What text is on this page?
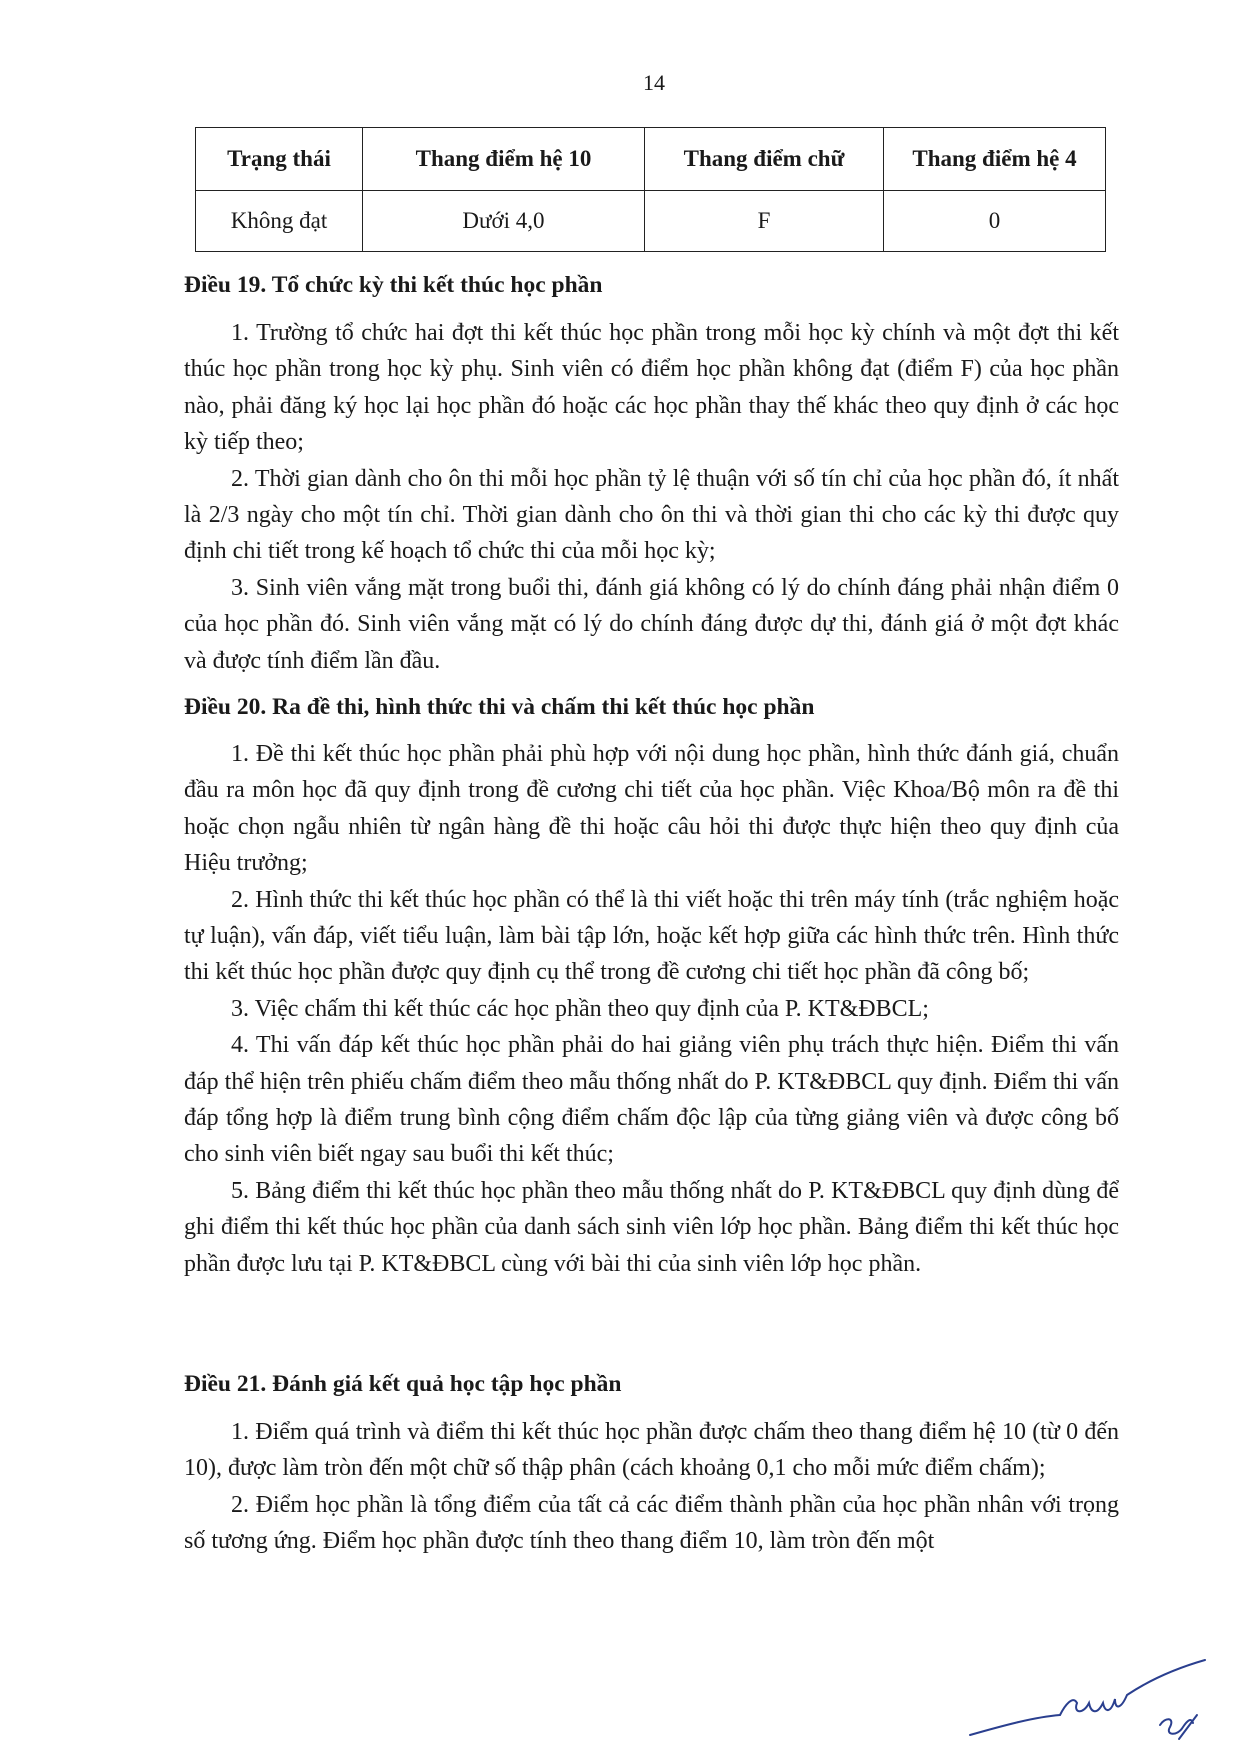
14
Trạng thái	Thang điểm hệ 10	Thang điểm chữ	Thang điểm hệ 4
Không đạt	Dưới 4,0	F	0
Điều 19. Tổ chức kỳ thi kết thúc học phần

1. Trường tổ chức hai đợt thi kết thúc học phần trong mỗi học kỳ chính và một đợt thi kết thúc học phần trong học kỳ phụ. Sinh viên có điểm học phần không đạt (điểm F) của học phần nào, phải đăng ký học lại học phần đó hoặc các học phần thay thế khác theo quy định ở các học kỳ tiếp theo;

2. Thời gian dành cho ôn thi mỗi học phần tỷ lệ thuận với số tín chỉ của học phần đó, ít nhất là 2/3 ngày cho một tín chỉ. Thời gian dành cho ôn thi và thời gian thi cho các kỳ thi được quy định chi tiết trong kế hoạch tổ chức thi của mỗi học kỳ;

3. Sinh viên vắng mặt trong buổi thi, đánh giá không có lý do chính đáng phải nhận điểm 0 của học phần đó. Sinh viên vắng mặt có lý do chính đáng được dự thi, đánh giá ở một đợt khác và được tính điểm lần đầu.

Điều 20. Ra đề thi, hình thức thi và chấm thi kết thúc học phần

1. Đề thi kết thúc học phần phải phù hợp với nội dung học phần, hình thức đánh giá, chuẩn đầu ra môn học đã quy định trong đề cương chi tiết của học phần. Việc Khoa/Bộ môn ra đề thi hoặc chọn ngẫu nhiên từ ngân hàng đề thi hoặc câu hỏi thi được thực hiện theo quy định của Hiệu trưởng;

2. Hình thức thi kết thúc học phần có thể là thi viết hoặc thi trên máy tính (trắc nghiệm hoặc tự luận), vấn đáp, viết tiểu luận, làm bài tập lớn, hoặc kết hợp giữa các hình thức trên. Hình thức thi kết thúc học phần được quy định cụ thể trong đề cương chi tiết học phần đã công bố;

3. Việc chấm thi kết thúc các học phần theo quy định của P. KT&ĐBCL;

4. Thi vấn đáp kết thúc học phần phải do hai giảng viên phụ trách thực hiện. Điểm thi vấn đáp thể hiện trên phiếu chấm điểm theo mẫu thống nhất do P. KT&ĐBCL quy định. Điểm thi vấn đáp tổng hợp là điểm trung bình cộng điểm chấm độc lập của từng giảng viên và được công bố cho sinh viên biết ngay sau buổi thi kết thúc;

5. Bảng điểm thi kết thúc học phần theo mẫu thống nhất do P. KT&ĐBCL quy định dùng để ghi điểm thi kết thúc học phần của danh sách sinh viên lớp học phần. Bảng điểm thi kết thúc học phần được lưu tại P. KT&ĐBCL cùng với bài thi của sinh viên lớp học phần.

Điều 21. Đánh giá kết quả học tập học phần

1. Điểm quá trình và điểm thi kết thúc học phần được chấm theo thang điểm hệ 10 (từ 0 đến 10), được làm tròn đến một chữ số thập phân (cách khoảng 0,1 cho mỗi mức điểm chấm);

2. Điểm học phần là tổng điểm của tất cả các điểm thành phần của học phần nhân với trọng số tương ứng. Điểm học phần được tính theo thang điểm 10, làm tròn đến một
